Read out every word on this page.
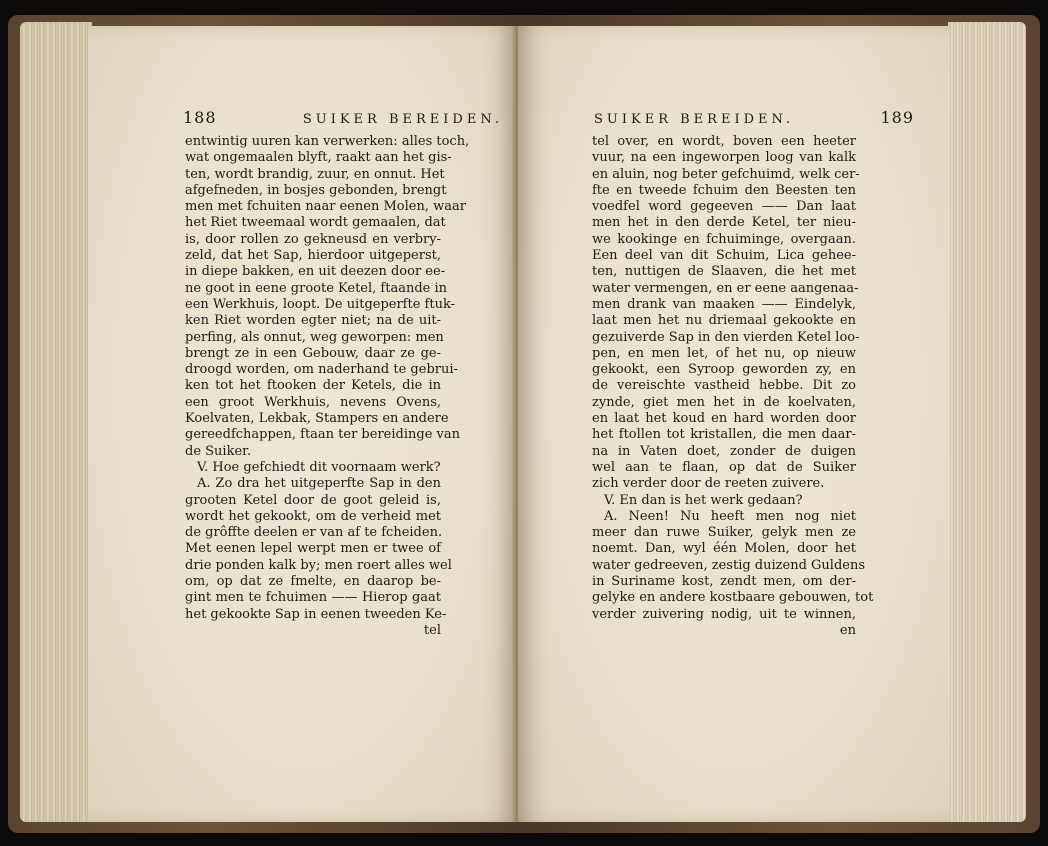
188	SUIKER BEREIDEN.
entwintig uuren kan verwerken: alles toch,
wat ongemaalen blyft, raakt aan het gis-
ten, wordt brandig, zuur, en onnut. Het
afgefneden, in bosjes gebonden, brengt
men met fchuiten naar eenen Molen, waar
het Riet tweemaal wordt gemaalen, dat
is, door rollen zo gekneusd en verbry-
zeld, dat het Sap, hierdoor uitgeperst,
in diepe bakken, en uit deezen door ee-
ne goot in eene groote Ketel, ftaande in
een Werkhuis, loopt. De uitgeperfte ftuk-
ken Riet worden egter niet; na de uit-
perfing, als onnut, weg geworpen: men
brengt ze in een Gebouw, daar ze ge-
droogd worden, om naderhand te gebrui-
ken tot het ftooken der Ketels, die in
een groot Werkhuis, nevens Ovens,
Koelvaten, Lekbak, Stampers en andere
gereedfchappen, ftaan ter bereidinge van
de Suiker.
V. Hoe gefchiedt dit voornaam werk?
A. Zo dra het uitgeperfte Sap in den
grooten Ketel door de goot geleid is,
wordt het gekookt, om de verheid met
de grôffte deelen er van af te fcheiden.
Met eenen lepel werpt men er twee of
drie ponden kalk by; men roert alles wel
om, op dat ze fmelte, en daarop be-
gint men te fchuimen —— Hierop gaat
het gekookte Sap in eenen tweeden Ke-
tel
SUIKER BEREIDEN.	189
tel over, en wordt, boven een heeter
vuur, na een ingeworpen loog van kalk
en aluin, nog beter gefchuimd, welk cer-
fte en tweede fchuim den Beesten ten
voedfel word gegeeven —— Dan laat
men het in den derde Ketel, ter nieu-
we kookinge en fchuiminge, overgaan.
Een deel van dit Schuim, Lica gehee-
ten, nuttigen de Slaaven, die het met
water vermengen, en er eene aangenaa-
men drank van maaken —— Eindelyk,
laat men het nu driemaal gekookte en
gezuiverde Sap in den vierden Ketel loo-
pen, en men let, of het nu, op nieuw
gekookt, een Syroop geworden zy, en
de vereischte vastheid hebbe. Dit zo
zynde, giet men het in de koelvaten,
en laat het koud en hard worden door
het ftollen tot kristallen, die men daar-
na in Vaten doet, zonder de duigen
wel aan te flaan, op dat de Suiker
zich verder door de reeten zuivere.
V. En dan is het werk gedaan?
A. Neen! Nu heeft men nog niet
meer dan ruwe Suiker, gelyk men ze
noemt. Dan, wyl één Molen, door het
water gedreeven, zestig duizend Guldens
in Suriname kost, zendt men, om der-
gelyke en andere kostbaare gebouwen, tot
verder zuivering nodig, uit te winnen,
en
